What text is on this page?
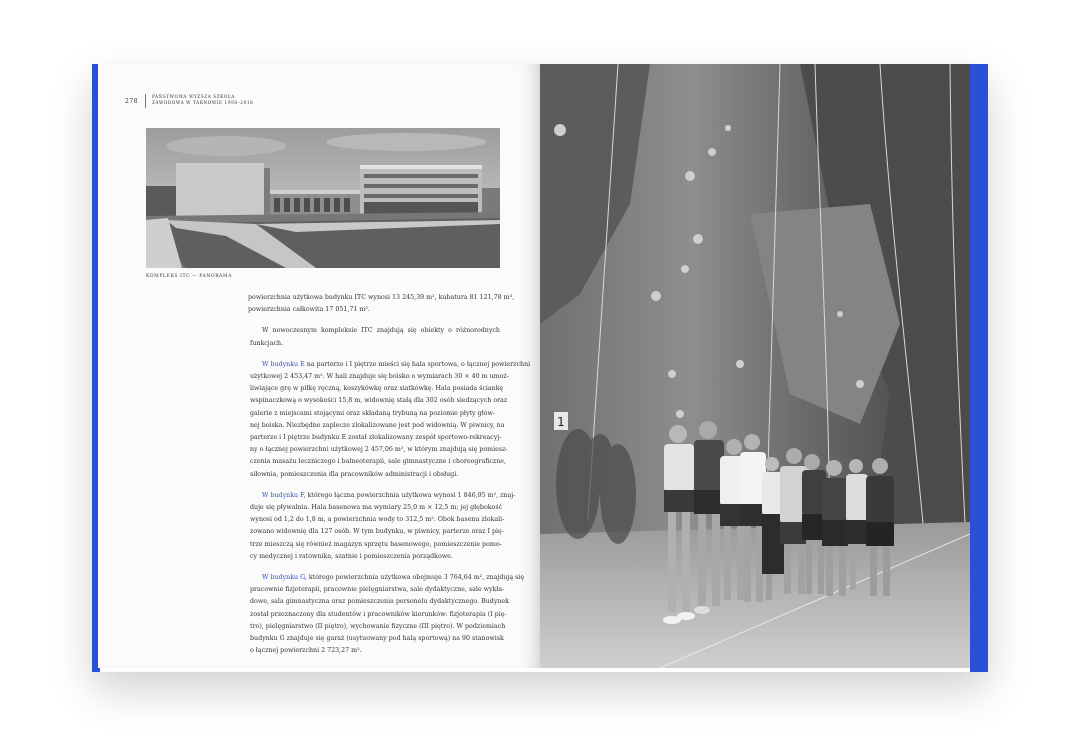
278
PAŃSTWOWA WYŻSZA SZKOŁA
ZAWODOWA W TARNOWIE 1998–2018
KOMPLEKS ITC — PANORAMA

powierzchnia użytkowa budynku ITC wynosi 13 245,39 m², kubatura 81 121,78 m³,
powierzchnia całkowita 17 051,71 m².

W nowoczesnym kompleksie ITC znajdują się obiekty o różnorodnych funkcjach.

W budynku E na parterze i I piętrze mieści się hala sportowa, o łącznej powierzchni
użytkowej 2 453,47 m². W hali znajduje się boisko o wymiarach 30 × 40 m umoż-
liwiające grę w piłkę ręczną, koszykówkę oraz siatkówkę. Hala posiada ściankę
wspinaczkową o wysokości 15,8 m, widownię stałą dla 302 osób siedzących oraz
galerie z miejscami stojącymi oraz składaną trybuną na poziomie płyty głów-
nej boiska. Niezbędne zaplecze zlokalizowane jest pod widownią. W piwnicy, na
parterze i I piętrze budynku E został zlokalizowany zespół sportowo-rekreacyj-
ny o łącznej powierzchni użytkowej 2 457,06 m², w którym znajdują się pomiesz-
czenia masażu leczniczego i balneoterapii, sale gimnastyczne i choreograficzne,
siłownia, pomieszczenia dla pracowników administracji i obsługi.

W budynku F, którego łączna powierzchnia użytkowa wynosi 1 846,95 m², znaj-
duje się pływalnia. Hala basenowa ma wymiary 25,0 m × 12,5 m; jej głębokość
wynosi od 1,2 do 1,8 m, a powierzchnia wody to 312,5 m². Obok basenu zlokali-
zowano widownię dla 127 osób. W tym budynku, w piwnicy, parterze oraz I pię-
trze mieszczą się również magazyn sprzętu basenowego, pomieszczenie pomo-
cy medycznej i ratownika, szatnie i pomieszczenia porządkowe.

W budynku G, którego powierzchnia użytkowa obejmuje 3 764,64 m², znajdują się
pracownie fizjoterapii, pracownie pielęgniarstwa, sale dydaktyczne, sale wykła-
dowe, sala gimnastyczna oraz pomieszczenia personelu dydaktycznego. Budynek
został przeznaczony dla studentów i pracowników kierunków: fizjoterapia (I pię-
tro), pielęgniarstwo (II piętro), wychowanie fizyczne (III piętro). W podziemiach
budynku G znajduje się garaż (usytuowany pod halą sportową) na 90 stanowisk
o łącznej powierzchni 2 723,27 m².

1
